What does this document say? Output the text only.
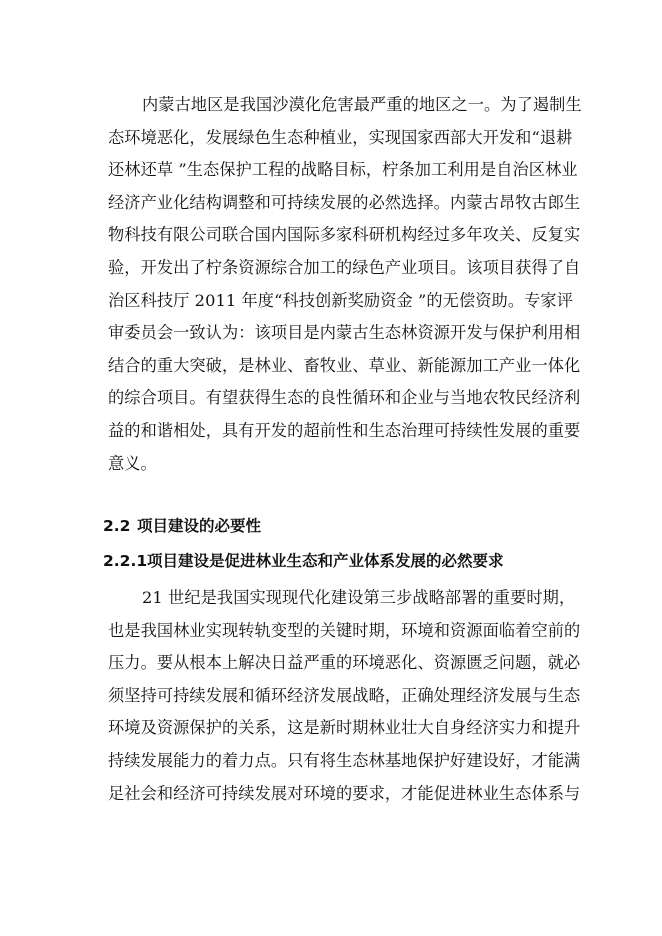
内蒙古地区是我国沙漠化危害最严重的地区之一。为了遏制生
态环境恶化，发展绿色生态种植业，实现国家西部大开发和“退耕
还林还草 ”生态保护工程的战略目标，柠条加工利用是自治区林业
经济产业化结构调整和可持续发展的必然选择。内蒙古昂牧古郎生
物科技有限公司联合国内国际多家科研机构经过多年攻关、反复实
验，开发出了柠条资源综合加工的绿色产业项目。该项目获得了自
治区科技厅 2011 年度“科技创新奖励资金 ”的无偿资助。专家评
审委员会一致认为：该项目是内蒙古生态林资源开发与保护利用相
结合的重大突破，是林业、畜牧业、草业、新能源加工产业一体化
的综合项目。有望获得生态的良性循环和企业与当地农牧民经济利
益的和谐相处，具有开发的超前性和生态治理可持续性发展的重要
意义。
2.2 项目建设的必要性
2.2.1项目建设是促进林业生态和产业体系发展的必然要求
21 世纪是我国实现现代化建设第三步战略部署的重要时期，
也是我国林业实现转轨变型的关键时期，环境和资源面临着空前的
压力。要从根本上解决日益严重的环境恶化、资源匮乏问题，就必
须坚持可持续发展和循环经济发展战略，正确处理经济发展与生态
环境及资源保护的关系，这是新时期林业壮大自身经济实力和提升
持续发展能力的着力点。只有将生态林基地保护好建设好，才能满
足社会和经济可持续发展对环境的要求，才能促进林业生态体系与
